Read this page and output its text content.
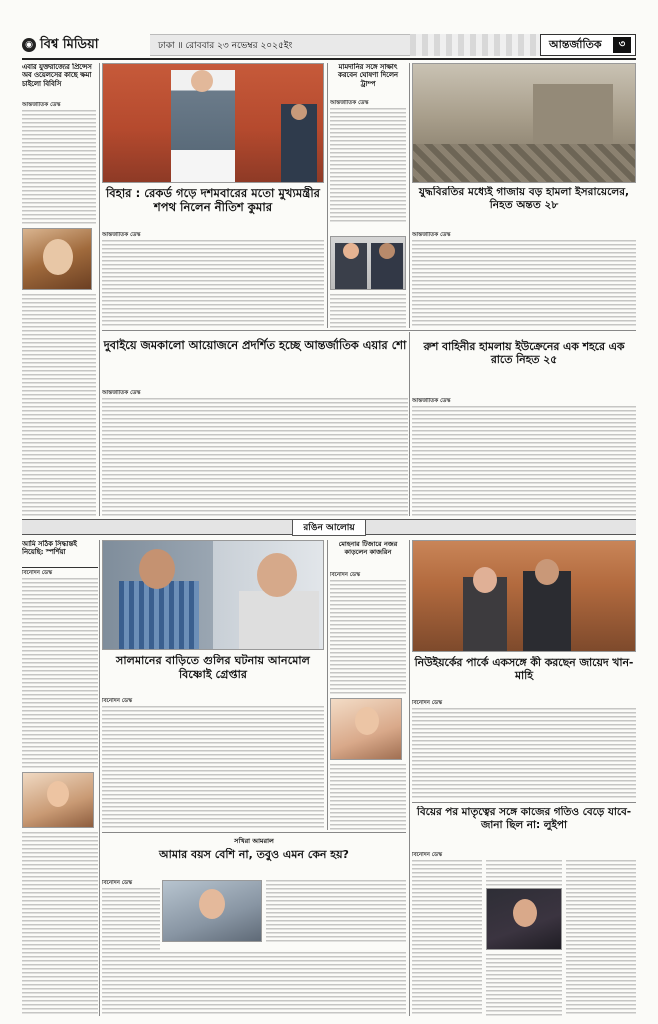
◉ বিশ্ব মিডিয়া	ঢাকা ॥ রোববার ২৩ নভেম্বর ২০২৫ইং	আন্তর্জাতিক	৩
এবার যুক্তরাজ্যের প্রিন্সেস অব ওয়েলসের কাছে ক্ষমা চাইলো বিবিসি
আন্তর্জাতিক ডেস্ক
বিহার : রেকর্ড গড়ে দশমবারের মতো মুখ্যমন্ত্রীর শপথ নিলেন নীতিশ কুমার
আন্তর্জাতিক ডেস্ক
মামদানির সঙ্গে সাক্ষাৎ করবেন ঘোষণা দিলেন ট্রাম্প
আন্তর্জাতিক ডেস্ক
যুদ্ধবিরতির মধ্যেই গাজায় বড় হামলা ইসরায়েলের, নিহত অন্তত ২৮
আন্তর্জাতিক ডেস্ক
দুবাইয়ে জমকালো আয়োজনে প্রদর্শিত হচ্ছে আন্তর্জাতিক এয়ার শো
আন্তর্জাতিক ডেস্ক
রুশ বাহিনীর হামলায় ইউক্রেনের এক শহরে এক রাতে নিহত ২৫
আন্তর্জাতিক ডেস্ক
রঙিন আলোয়
আমি সঠিক সিদ্ধান্তই নিয়েছি: স্পর্শিয়া
বিনোদন ডেস্ক
সালমানের বাড়িতে গুলির ঘটনায় আনমোল বিষ্ণোই গ্রেপ্তার
বিনোদন ডেস্ক
মোহনার টিজারে নজর কাড়লেন কাজরিন
বিনোদন ডেস্ক
নিউইয়র্কের পার্কে একসঙ্গে কী করছেন জায়েদ খান-মাহি
বিনোদন ডেস্ক
সখিরা আমরাল
আমার বয়স বেশি না, তবুও এমন কেন হয়?
বিনোদন ডেস্ক
বিয়ের পর মাতৃত্বের সঙ্গে কাজের গতিও বেড়ে যাবে- জানা ছিল না: লুইপা
বিনোদন ডেস্ক
